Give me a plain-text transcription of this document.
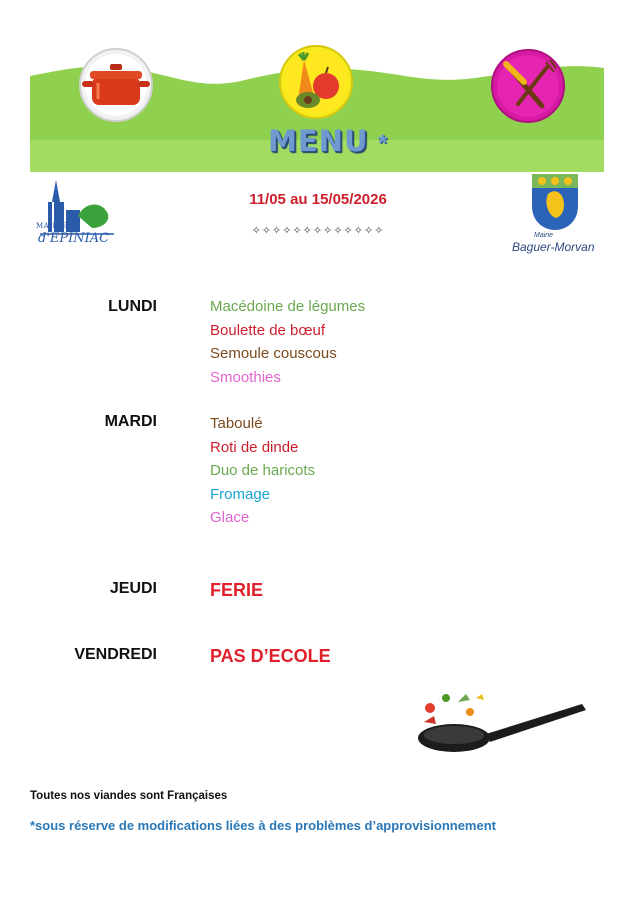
MENU *
MAIRIE
d'EPINIAC
11/05 au 15/05/2026
✧✧✧✧✧✧✧✧✧✧✧✧✧	Mairie
Baguer-Morvan
LUNDI	Macédoine de légumes
Boulette de bœuf
Semoule couscous
Smoothies
MARDI	Taboulé
Roti de dinde
Duo de haricots
Fromage
Glace
JEUDI	FERIE
VENDREDI	PAS D’ECOLE
Toutes nos viandes sont Françaises
*sous réserve de modifications liées à des problèmes d’approvisionnement
